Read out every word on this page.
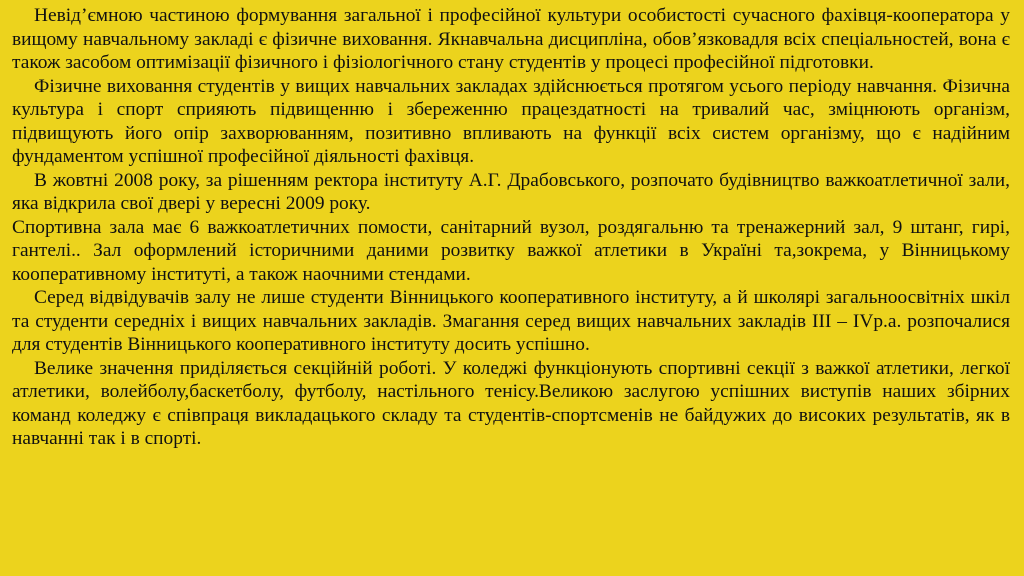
Невід’ємною частиною формування загальної і професійної культури особистості сучасного фахівця-кооператора у вищому навчальному закладі є фізичне виховання. Якнавчальна дисципліна, обов’язковадля всіх спеціальностей, вона є також засобом оптимізації фізичного і фізіологічного стану студентів у процесі професійної підготовки.

Фізичне виховання студентів у вищих навчальних закладах здійснюється протягом усього періоду навчання. Фізична культура і спорт сприяють підвищенню і збереженню працездатності на тривалий час, зміцнюють організм, підвищують його опір захворюванням, позитивно впливають на функції всіх систем організму, що є надійним фундаментом успішної професійної діяльності фахівця.

В жовтні 2008 року, за рішенням ректора інституту А.Г. Драбовського, розпочато будівництво важкоатлетичної зали, яка відкрила свої двері у вересні 2009 року.

Спортивна зала має 6 важкоатлетичних помости, санітарний вузол, роздягальню та тренажерний зал, 9 штанг, гирі, гантелі.. Зал оформлений історичними даними розвитку важкої атлетики в Україні та,зокрема, у Вінницькому кооперативному інституті, а також наочними стендами.

Серед відвідувачів залу не лише студенти Вінницького кооперативного інституту, а й школярі загальноосвітніх шкіл та студенти середніх і вищих навчальних закладів. Змагання серед вищих навчальних закладів ІІІ – ІVр.а. розпочалися для студентів Вінницького кооперативного інституту досить успішно.

Велике значення приділяється секційній роботі. У коледжі функціонують спортивні секції з важкої атлетики, легкої атлетики, волейболу,баскетболу, футболу, настільного тенісу.Великою заслугою успішних виступів наших збірних команд коледжу є співпраця викладацького складу та студентів-спортсменів не байдужих до високих результатів, як в навчанні так і в спорті.
